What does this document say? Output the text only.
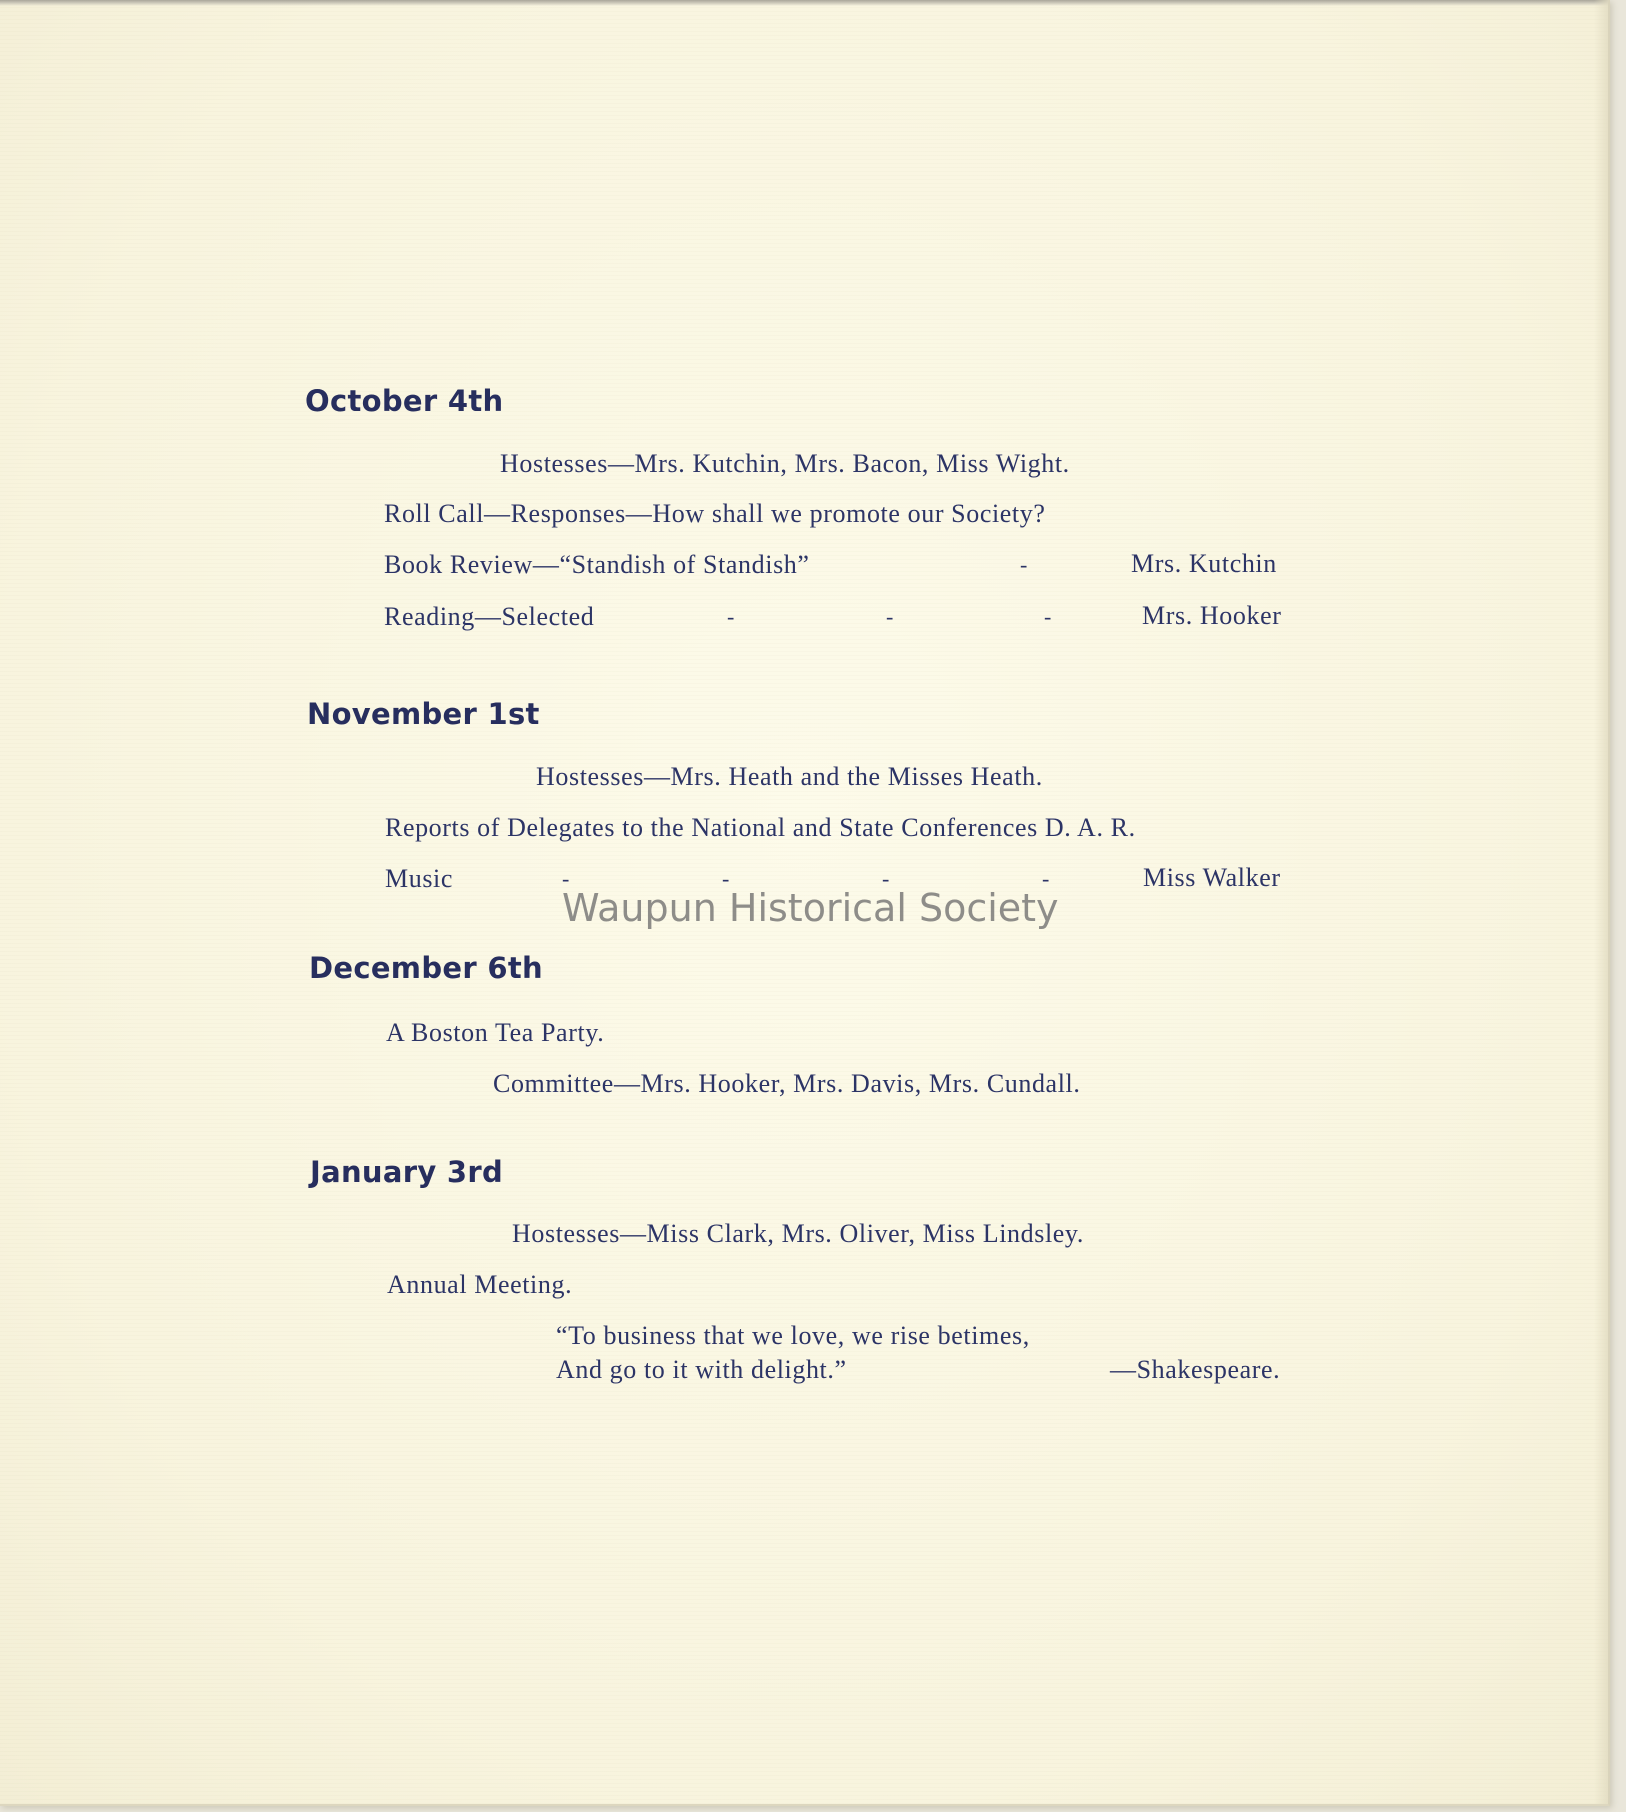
October 4th
Hostesses—Mrs. Kutchin, Mrs. Bacon, Miss Wight.
Roll Call—Responses—How shall we promote our Society?
Book Review—“Standish of Standish”	-	Mrs. Kutchin
Reading—Selected	-	-	-	Mrs. Hooker
November 1st
Hostesses—Mrs. Heath and the Misses Heath.
Reports of Delegates to the National and State Conferences D. A. R.
Music	-	-	-	-	Miss Walker
December 6th
A Boston Tea Party.
Committee—Mrs. Hooker, Mrs. Davis, Mrs. Cundall.
January 3rd
Hostesses—Miss Clark, Mrs. Oliver, Miss Lindsley.
Annual Meeting.
“To business that we love, we rise betimes,
And go to it with delight.”	—Shakespeare.
Waupun Historical Society
